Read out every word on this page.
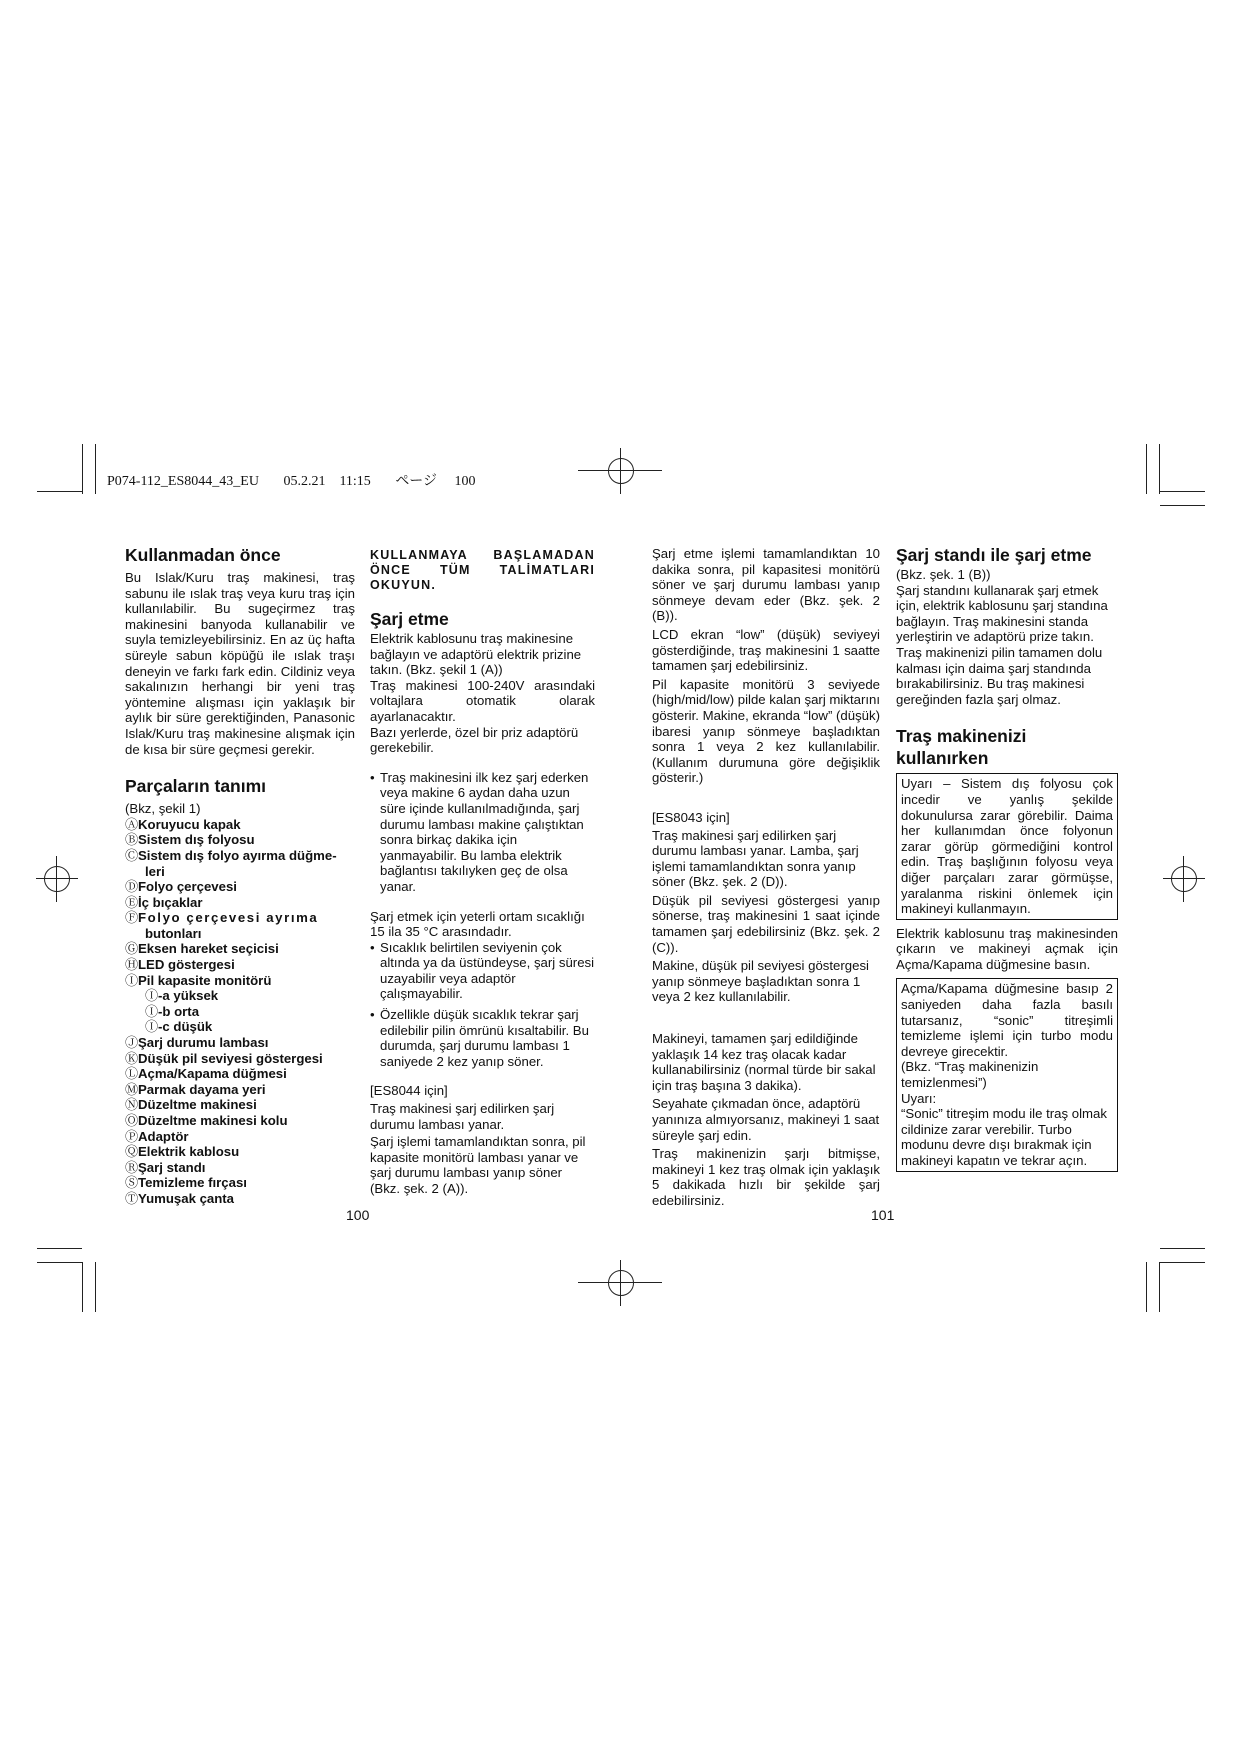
P074-112_ES8044_43_EU 05.2.21 11:15 ページ 100

Kullanmadan önce

Bu Islak/Kuru traş makinesi, traş sabunu ile ıslak traş veya kuru traş için kullanılabilir. Bu sugeçirmez traş makinesini banyoda kullanabilir ve suyla temizleyebilirsiniz. En az üç hafta süreyle sabun köpüğü ile ıslak traşı deneyin ve farkı fark edin. Cildiniz veya sakalınızın herhangi bir yeni traş yöntemine alışması için yaklaşık bir aylık bir süre gerektiğinden, Panasonic Islak/Kuru traş makinesine alışmak için de kısa bir süre geçmesi gerekir.

Parçaların tanımı

(Bkz, şekil 1)

ⒶKoruyucu kapak

ⒷSistem dış folyosu

ⒸSistem dış folyo ayırma düğme-

leri

ⒹFolyo çerçevesi

Ⓔİç bıçaklar

ⒻFolyo çerçevesi ayrıma

butonları

ⒼEksen hareket seçicisi

ⒽLED göstergesi

ⒾPil kapasite monitörü

Ⓘ-a yüksek

Ⓘ-b orta

Ⓘ-c düşük

ⒿŞarj durumu lambası

ⓀDüşük pil seviyesi göstergesi

ⓁAçma/Kapama düğmesi

ⓂParmak dayama yeri

ⓃDüzeltme makinesi

ⓄDüzeltme makinesi kolu

ⓅAdaptör

ⓆElektrik kablosu

ⓇŞarj standı

ⓈTemizleme fırçası

ⓉYumuşak çanta

KULLANMAYA BAŞLAMADAN ÖNCE TÜM TALİMATLARI OKUYUN.

Şarj etme

Elektrik kablosunu traş makinesine bağlayın ve adaptörü elektrik prizine takın. (Bkz. şekil 1 (A))

Traş makinesi 100-240V arasındaki voltajlara otomatik olarak ayarlanacaktır.

Bazı yerlerde, özel bir priz adaptörü gerekebilir.

• Traş makinesini ilk kez şarj ederken veya makine 6 aydan daha uzun süre içinde kullanılmadığında, şarj durumu lambası makine çalıştıktan sonra birkaç dakika için yanmayabilir. Bu lamba elektrik bağlantısı takılıyken geç de olsa yanar.

Şarj etmek için yeterli ortam sıcaklığı 15 ila 35 °C arasındadır.

• Sıcaklık belirtilen seviyenin çok altında ya da üstündeyse, şarj süresi uzayabilir veya adaptör çalışmayabilir.
• Özellikle düşük sıcaklık tekrar şarj edilebilir pilin ömrünü kısaltabilir. Bu durumda, şarj durumu lambası 1 saniyede 2 kez yanıp söner.

[ES8044 için]

Traş makinesi şarj edilirken şarj durumu lambası yanar.

Şarj işlemi tamamlandıktan sonra, pil kapasite monitörü lambası yanar ve şarj durumu lambası yanıp söner (Bkz. şek. 2 (A)).

Şarj etme işlemi tamamlandıktan 10 dakika sonra, pil kapasitesi monitörü söner ve şarj durumu lambası yanıp sönmeye devam eder (Bkz. şek. 2 (B)).

LCD ekran “low” (düşük) seviyeyi gösterdiğinde, traş makinesini 1 saatte tamamen şarj edebilirsiniz.

Pil kapasite monitörü 3 seviyede (high/mid/low) pilde kalan şarj miktarını gösterir. Makine, ekranda “low” (düşük) ibaresi yanıp sönmeye başladıktan sonra 1 veya 2 kez kullanılabilir. (Kullanım durumuna göre değişiklik gösterir.)

[ES8043 için]

Traş makinesi şarj edilirken şarj durumu lambası yanar. Lamba, şarj işlemi tamamlandıktan sonra yanıp söner (Bkz. şek. 2 (D)).

Düşük pil seviyesi göstergesi yanıp sönerse, traş makinesini 1 saat içinde tamamen şarj edebilirsiniz (Bkz. şek. 2 (C)).

Makine, düşük pil seviyesi göstergesi yanıp sönmeye başladıktan sonra 1 veya 2 kez kullanılabilir.

Makineyi, tamamen şarj edildiğinde yaklaşık 14 kez traş olacak kadar kullanabilirsiniz (normal türde bir sakal için traş başına 3 dakika).

Seyahate çıkmadan önce, adaptörü yanınıza almıyorsanız, makineyi 1 saat süreyle şarj edin.

Traş makinenizin şarjı bitmişse, makineyi 1 kez traş olmak için yaklaşık 5 dakikada hızlı bir şekilde şarj edebilirsiniz.

Şarj standı ile şarj etme

(Bkz. şek. 1 (B))

Şarj standını kullanarak şarj etmek için, elektrik kablosunu şarj standına bağlayın. Traş makinesini standa yerleştirin ve adaptörü prize takın.

Traş makinenizi pilin tamamen dolu kalması için daima şarj standında bırakabilirsiniz. Bu traş makinesi gereğinden fazla şarj olmaz.

Traş makinenizi kullanırken

Uyarı – Sistem dış folyosu çok incedir ve yanlış şekilde dokunulursa zarar görebilir. Daima her kullanımdan önce folyonun zarar görüp görmediğini kontrol edin. Traş başlığının folyosu veya diğer parçaları zarar görmüşse, yaralanma riskini önlemek için makineyi kullanmayın.

Elektrik kablosunu traş makinesinden çıkarın ve makineyi açmak için Açma/Kapama düğmesine basın.

Açma/Kapama düğmesine basıp 2 saniyeden daha fazla basılı tutarsanız, “sonic” titreşimli temizleme işlemi için turbo modu devreye girecektir.

(Bkz. “Traş makinenizin temizlenmesi”)

Uyarı:

“Sonic” titreşim modu ile traş olmak cildinize zarar verebilir. Turbo modunu devre dışı bırakmak için makineyi kapatın ve tekrar açın.

100	101
